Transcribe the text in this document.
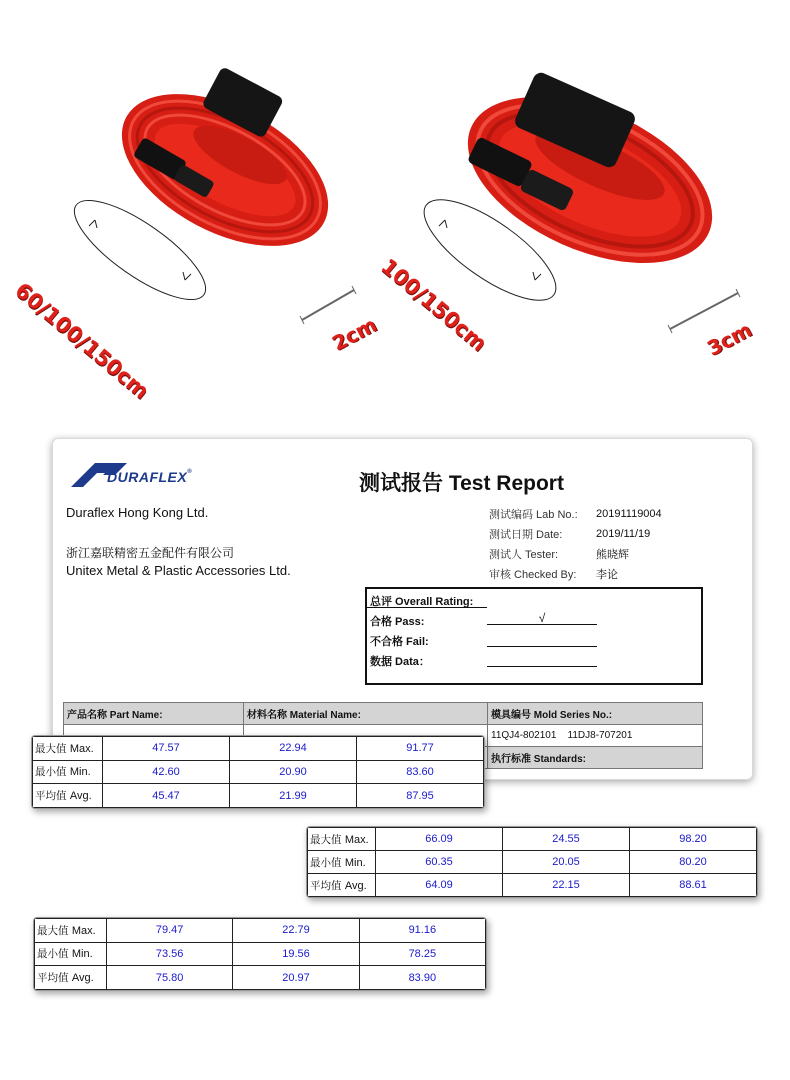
60/100/150cm	2cm
100/150cm	3cm
DURAFLEX®	测试报告 Test Report
Duraflex Hong Kong Ltd.
浙江嘉联精密五金配件有限公司
Unitex Metal & Plastic Accessories Ltd.
测试编码 Lab No.:	20191119004
测试日期 Date:	2019/11/19
测试人 Tester:	熊晓辉
审核 Checked By:	李论
总评 Overall Rating:
合格 Pass:	√
不合格 Fail:
数据 Data：
产品名称 Part Name:	材料名称 Material Name:	模具编号 Mold Series No.:
		11QJ4-802101    11DJ8-707201
		执行标准 Standards:
最大值 Max.	47.57	22.94	91.77
最小值 Min.	42.60	20.90	83.60
平均值 Avg.	45.47	21.99	87.95
最大值 Max.	66.09	24.55	98.20
最小值 Min.	60.35	20.05	80.20
平均值 Avg.	64.09	22.15	88.61
最大值 Max.	79.47	22.79	91.16
最小值 Min.	73.56	19.56	78.25
平均值 Avg.	75.80	20.97	83.90
